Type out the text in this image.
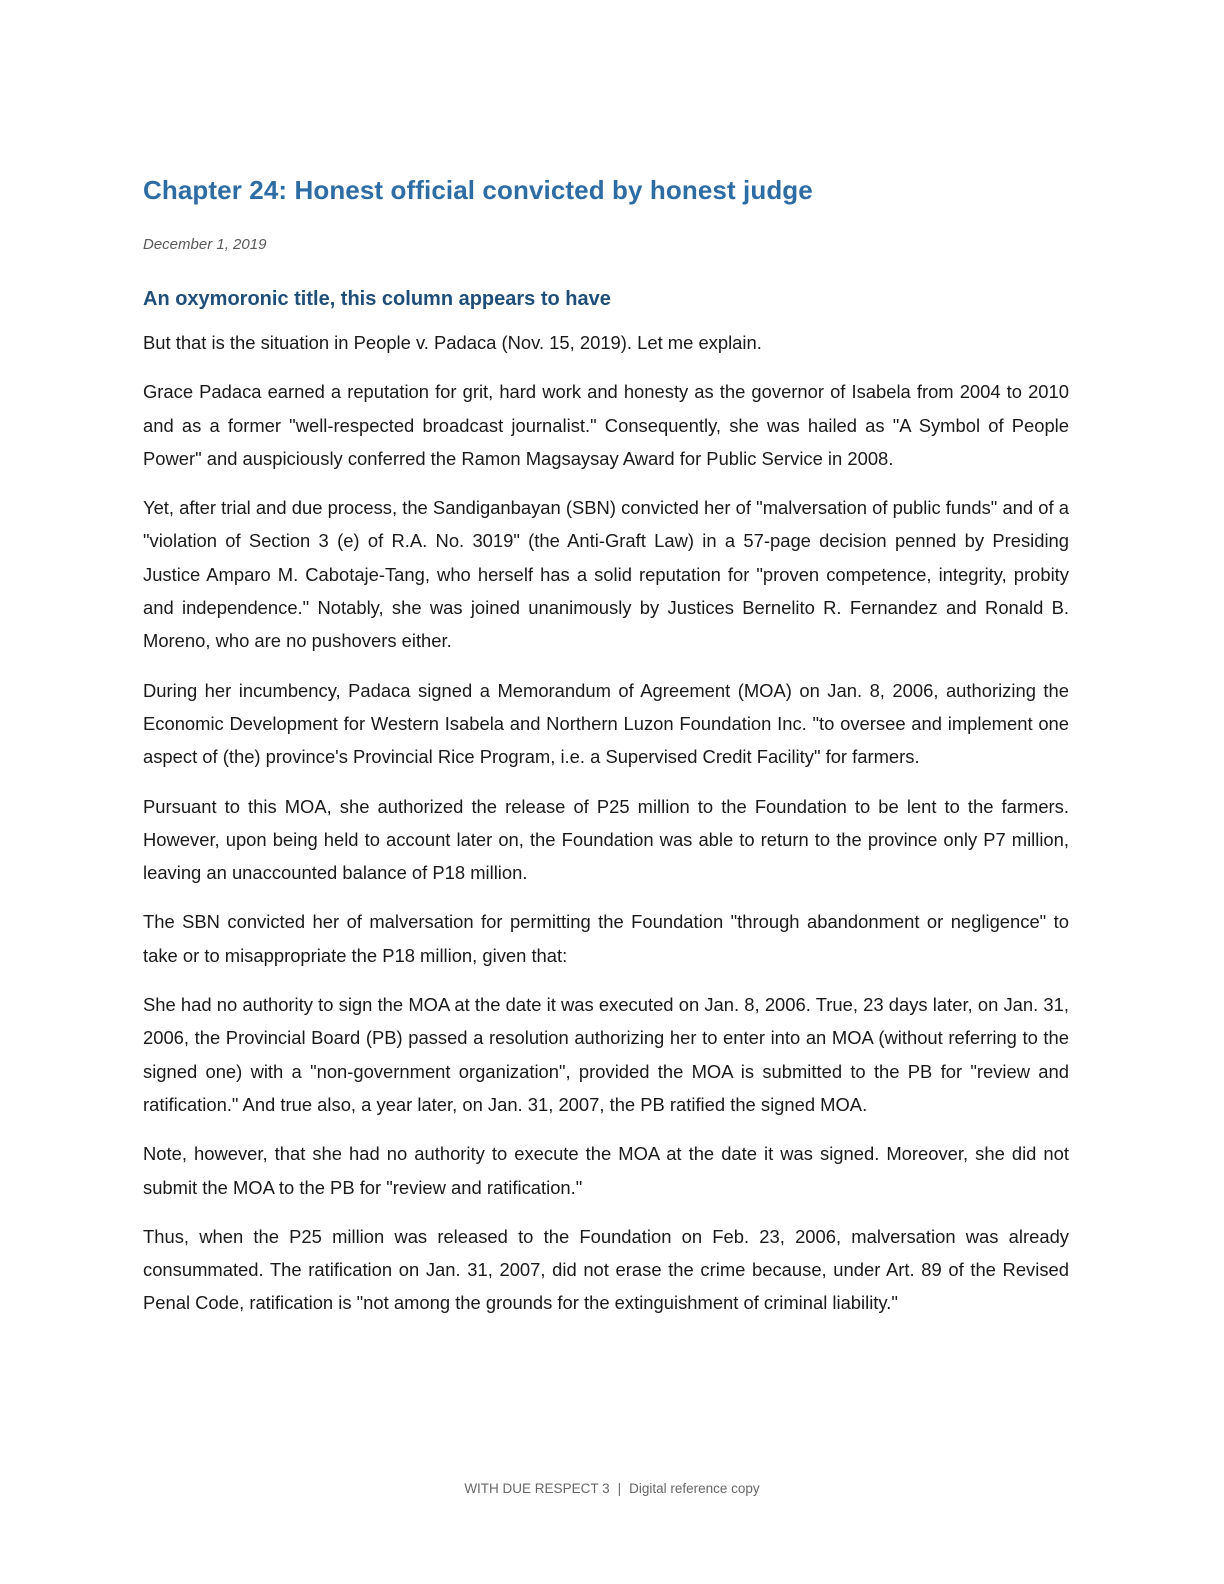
Chapter 24: Honest official convicted by honest judge
December 1, 2019
An oxymoronic title, this column appears to have

But that is the situation in People v. Padaca (Nov. 15, 2019). Let me explain.

Grace Padaca earned a reputation for grit, hard work and honesty as the governor of Isabela from 2004 to 2010 and as a former "well-respected broadcast journalist." Consequently, she was hailed as "A Symbol of People Power" and auspiciously conferred the Ramon Magsaysay Award for Public Service in 2008.

Yet, after trial and due process, the Sandiganbayan (SBN) convicted her of "malversation of public funds" and of a "violation of Section 3 (e) of R.A. No. 3019" (the Anti-Graft Law) in a 57-page decision penned by Presiding Justice Amparo M. Cabotaje-Tang, who herself has a solid reputation for "proven competence, integrity, probity and independence." Notably, she was joined unanimously by Justices Bernelito R. Fernandez and Ronald B. Moreno, who are no pushovers either.

During her incumbency, Padaca signed a Memorandum of Agreement (MOA) on Jan. 8, 2006, authorizing the Economic Development for Western Isabela and Northern Luzon Foundation Inc. "to oversee and implement one aspect of (the) province's Provincial Rice Program, i.e. a Supervised Credit Facility" for farmers.

Pursuant to this MOA, she authorized the release of P25 million to the Foundation to be lent to the farmers. However, upon being held to account later on, the Foundation was able to return to the province only P7 million, leaving an unaccounted balance of P18 million.

The SBN convicted her of malversation for permitting the Foundation "through abandonment or negligence" to take or to misappropriate the P18 million, given that:

She had no authority to sign the MOA at the date it was executed on Jan. 8, 2006. True, 23 days later, on Jan. 31, 2006, the Provincial Board (PB) passed a resolution authorizing her to enter into an MOA (without referring to the signed one) with a "non-government organization", provided the MOA is submitted to the PB for "review and ratification." And true also, a year later, on Jan. 31, 2007, the PB ratified the signed MOA.

Note, however, that she had no authority to execute the MOA at the date it was signed. Moreover, she did not submit the MOA to the PB for "review and ratification."

Thus, when the P25 million was released to the Foundation on Feb. 23, 2006, malversation was already consummated. The ratification on Jan. 31, 2007, did not erase the crime because, under Art. 89 of the Revised Penal Code, ratification is "not among the grounds for the extinguishment of criminal liability."

WITH DUE RESPECT 3 | Digital reference copy
